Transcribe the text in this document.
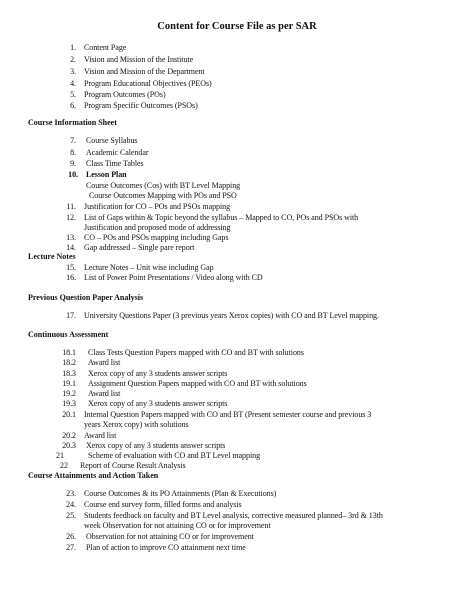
Content for Course File as per SAR
1. Content Page
2. Vision and Mission of the Institute
3. Vision and Mission of the Department
4. Program Educational Objectives (PEOs)
5. Program Outcomes (POs)
6. Program Specific Outcomes (PSOs)
Course Information Sheet
7. Course Syllabus
8. Academic Calendar
9. Class Time Tables
10. Lesson Plan
Course Outcomes (Cos) with BT Level Mapping
Course Outcomes Mapping with POs and PSO
11. Justification for CO – POs and PSOs mapping
12. List of Gaps within & Topic beyond the syllabus – Mapped to CO, POs and PSOs with
Justification and proposed mode of addressing
13. CO – POs and PSOs mapping including Gaps
14. Gap addressed – Single pare report
Lecture Notes
15. Lecture Notes – Unit wise including Gap
16. List of Power Point Presentations / Video along with CD
Previous Question Paper Analysis
17. University Questions Paper (3 previous years Xerox copies) with CO and BT Level mapping.
Continuous Assessment
18.1 Class Tests Question Papers mapped with CO and BT with solutions
18.2 Award list
18.3 Xerox copy of any 3 students answer scripts
19.1 Assignment Question Papers mapped with CO and BT with solutions
19.2 Award list
19.3 Xerox copy of any 3 students answer scripts
20.1 Internal Question Papers mapped with CO and BT (Present semester course and previous 3
years Xerox copy) with solutions
20.2 Award list
20.3 Xerox copy of any 3 students answer scripts
21	Scheme of evaluation with CO and BT Level mapping
22	Report of Course Result Analysis
Course Attainments and Action Taken
23. Course Outcomes & its PO Attainments (Plan & Executions)
24. Course end survey form, filled forms and analysis
25. Students feedback on faculty and BT Level analysis, corrective measured planned– 3rd & 13th
week Observation for not attaining CO or for improvement
26. Observation for not attaining CO or for improvement
27. Plan of action to improve CO attainment next time
